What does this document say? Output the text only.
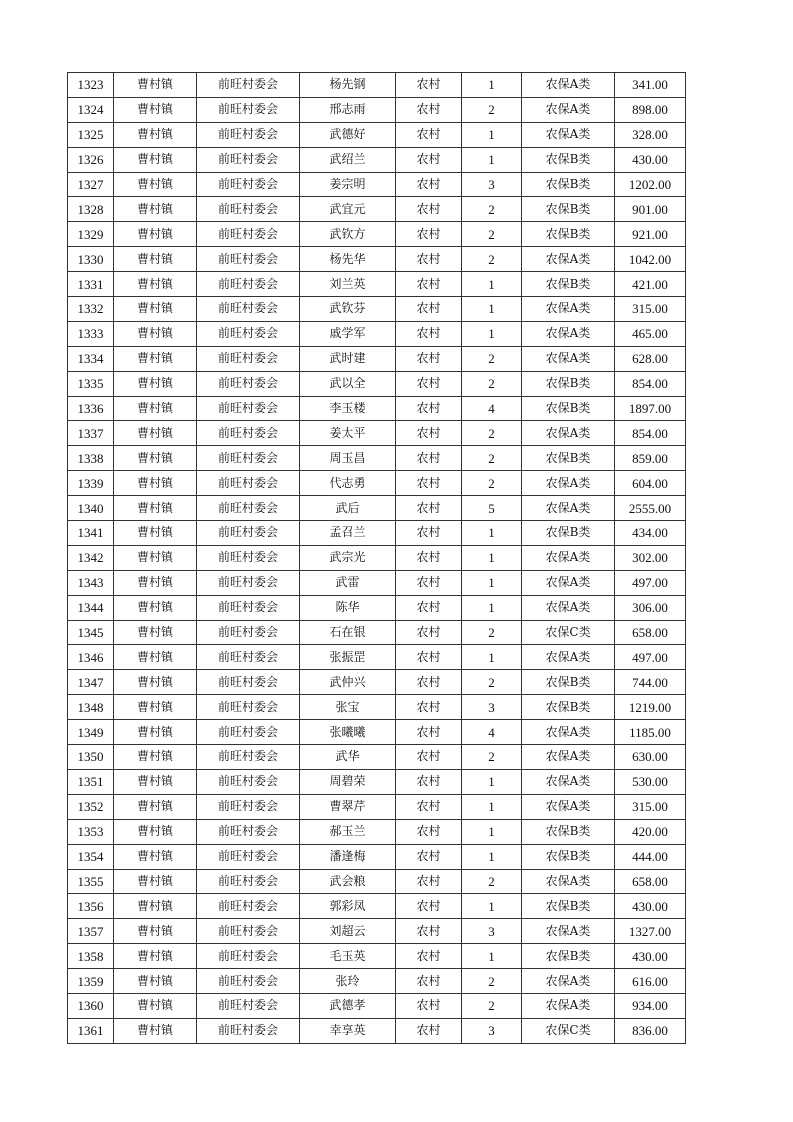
1323	曹村镇	前旺村委会	杨先钢	农村	1	农保A类	341.00
1324	曹村镇	前旺村委会	邢志雨	农村	2	农保A类	898.00
1325	曹村镇	前旺村委会	武德好	农村	1	农保A类	328.00
1326	曹村镇	前旺村委会	武绍兰	农村	1	农保B类	430.00
1327	曹村镇	前旺村委会	姜宗明	农村	3	农保B类	1202.00
1328	曹村镇	前旺村委会	武宜元	农村	2	农保B类	901.00
1329	曹村镇	前旺村委会	武钦方	农村	2	农保B类	921.00
1330	曹村镇	前旺村委会	杨先华	农村	2	农保A类	1042.00
1331	曹村镇	前旺村委会	刘兰英	农村	1	农保B类	421.00
1332	曹村镇	前旺村委会	武钦芬	农村	1	农保A类	315.00
1333	曹村镇	前旺村委会	戚学军	农村	1	农保A类	465.00
1334	曹村镇	前旺村委会	武时建	农村	2	农保A类	628.00
1335	曹村镇	前旺村委会	武以全	农村	2	农保B类	854.00
1336	曹村镇	前旺村委会	李玉楼	农村	4	农保B类	1897.00
1337	曹村镇	前旺村委会	姜太平	农村	2	农保A类	854.00
1338	曹村镇	前旺村委会	周玉昌	农村	2	农保B类	859.00
1339	曹村镇	前旺村委会	代志勇	农村	2	农保A类	604.00
1340	曹村镇	前旺村委会	武后	农村	5	农保A类	2555.00
1341	曹村镇	前旺村委会	孟召兰	农村	1	农保B类	434.00
1342	曹村镇	前旺村委会	武宗光	农村	1	农保A类	302.00
1343	曹村镇	前旺村委会	武雷	农村	1	农保A类	497.00
1344	曹村镇	前旺村委会	陈华	农村	1	农保A类	306.00
1345	曹村镇	前旺村委会	石在银	农村	2	农保C类	658.00
1346	曹村镇	前旺村委会	张振罡	农村	1	农保A类	497.00
1347	曹村镇	前旺村委会	武仲兴	农村	2	农保B类	744.00
1348	曹村镇	前旺村委会	张宝	农村	3	农保B类	1219.00
1349	曹村镇	前旺村委会	张曦曦	农村	4	农保A类	1185.00
1350	曹村镇	前旺村委会	武华	农村	2	农保A类	630.00
1351	曹村镇	前旺村委会	周碧荣	农村	1	农保A类	530.00
1352	曹村镇	前旺村委会	曹翠芹	农村	1	农保A类	315.00
1353	曹村镇	前旺村委会	郝玉兰	农村	1	农保B类	420.00
1354	曹村镇	前旺村委会	潘逢梅	农村	1	农保B类	444.00
1355	曹村镇	前旺村委会	武会粮	农村	2	农保A类	658.00
1356	曹村镇	前旺村委会	郭彩凤	农村	1	农保B类	430.00
1357	曹村镇	前旺村委会	刘超云	农村	3	农保A类	1327.00
1358	曹村镇	前旺村委会	毛玉英	农村	1	农保B类	430.00
1359	曹村镇	前旺村委会	张玲	农村	2	农保A类	616.00
1360	曹村镇	前旺村委会	武德孝	农村	2	农保A类	934.00
1361	曹村镇	前旺村委会	幸享英	农村	3	农保C类	836.00
